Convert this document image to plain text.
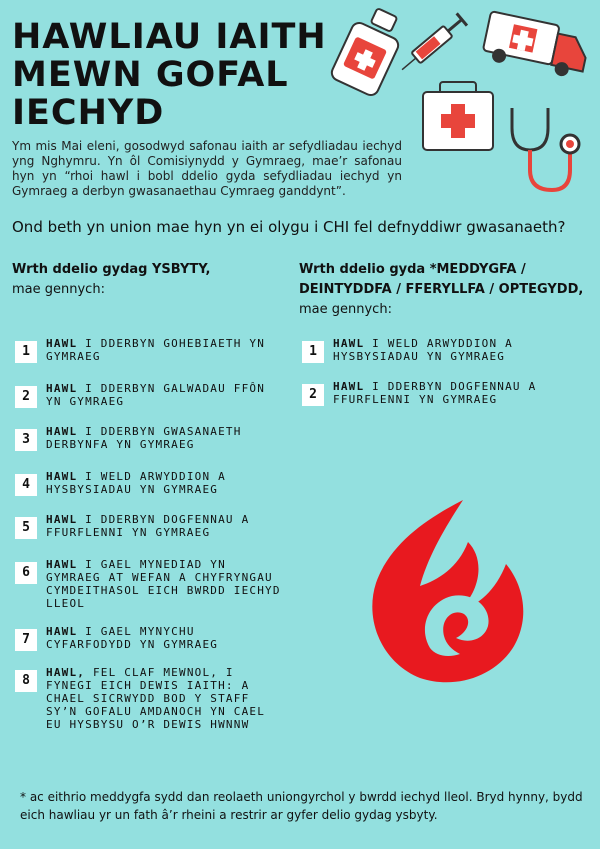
HAWLIAU IAITH
MEWN GOFAL
IECHYD
Ym mis Mai eleni, gosodwyd safonau iaith ar sefydliadau iechyd yng Nghymru. Yn ôl Comisiynydd y Gymraeg, mae’r safonau hyn yn “rhoi hawl i bobl ddelio gyda sefydliadau iechyd yn Gymraeg a derbyn gwasanaethau Cymraeg ganddynt”.
Ond beth yn union mae hyn yn ei olygu i CHI fel defnyddiwr gwasanaeth?
Wrth ddelio gydag YSBYTY,
mae gennych:
Wrth ddelio gyda *MEDDYGFA /
DEINTYDDFA / FFERYLLFA / OPTEGYDD,
mae gennych:
1
HAWL I DDERBYN GOHEBIAETH YN GYMRAEG
2
HAWL I DDERBYN GALWADAU FFÔN YN GYMRAEG
3
HAWL I DDERBYN GWASANAETH DERBYNFA YN GYMRAEG
4
HAWL I WELD ARWYDDION A HYSBYSIADAU YN GYMRAEG
5
HAWL I DDERBYN DOGFENNAU A FFURFLENNI YN GYMRAEG
6
HAWL I GAEL MYNEDIAD YN GYMRAEG AT WEFAN A CHYFRYNGAU CYMDEITHASOL EICH BWRDD IECHYD LLEOL
7
HAWL I GAEL MYNYCHU CYFARFODYDD YN GYMRAEG
8
HAWL, FEL CLAF MEWNOL, I FYNEGI EICH DEWIS IAITH: A CHAEL SICRWYDD BOD Y STAFF SY’N GOFALU AMDANOCH YN CAEL EU HYSBYSU O’R DEWIS HWNNW
1
HAWL I WELD ARWYDDION A HYSBYSIADAU YN GYMRAEG
2
HAWL I DDERBYN DOGFENNAU A FFURFLENNI YN GYMRAEG
* ac eithrio meddygfa sydd dan reolaeth uniongyrchol y bwrdd iechyd lleol. Bryd hynny, bydd eich hawliau yr un fath â’r rheini a restrir ar gyfer delio gydag ysbyty.
